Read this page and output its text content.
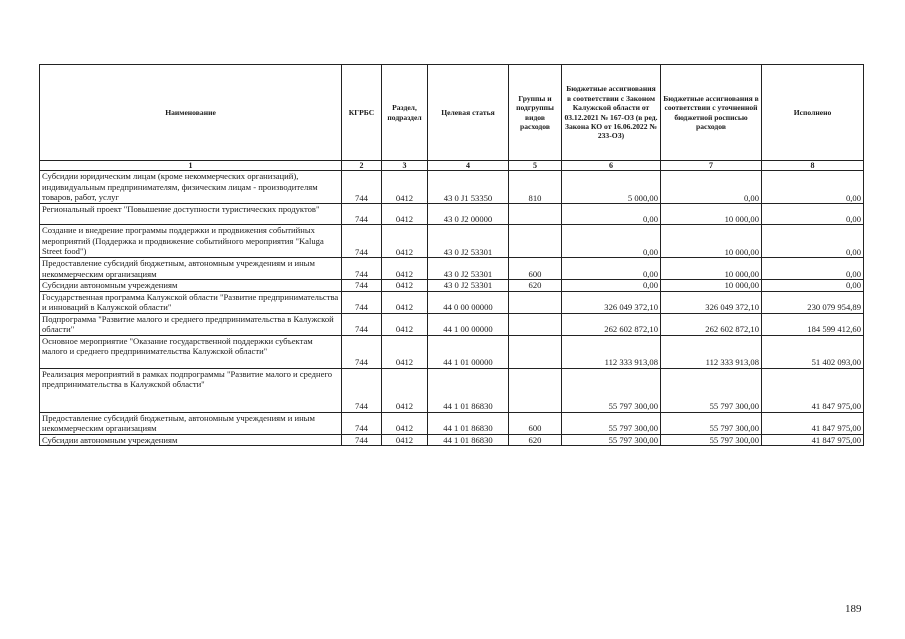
Наименование	КГРБС	Раздел, подраздел	Целевая статья	Группы и подгруппы видов расходов	Бюджетные ассигнования в соответствии с Законом Калужской области от 03.12.2021 № 167-ОЗ (в ред. Закона КО от 16.06.2022 № 233-ОЗ)	Бюджетные ассигнования в соответствии с уточненной бюджетной росписью расходов	Исполнено
1	2	3	4	5	6	7	8
Субсидии юридическим лицам (кроме некоммерческих организаций), индивидуальным предпринимателям, физическим лицам - производителям товаров, работ, услуг	744	0412	43 0 J1 53350	810	5 000,00	0,00	0,00
Региональный проект "Повышение доступности туристических продуктов"	744	0412	43 0 J2 00000		0,00	10 000,00	0,00
Создание и внедрение программы поддержки и продвижения событийных мероприятий (Поддержка и продвижение событийного мероприятия "Kaluga Street food")	744	0412	43 0 J2 53301		0,00	10 000,00	0,00
Предоставление субсидий бюджетным, автономным учреждениям и иным некоммерческим организациям	744	0412	43 0 J2 53301	600	0,00	10 000,00	0,00
Субсидии автономным учреждениям	744	0412	43 0 J2 53301	620	0,00	10 000,00	0,00
Государственная программа Калужской области "Развитие предпринимательства и инноваций в Калужской области"	744	0412	44 0 00 00000		326 049 372,10	326 049 372,10	230 079 954,89
Подпрограмма "Развитие малого и среднего предпринимательства в Калужской области"	744	0412	44 1 00 00000		262 602 872,10	262 602 872,10	184 599 412,60
Основное мероприятие "Оказание государственной поддержки субъектам малого и среднего предпринимательства Калужской области"	744	0412	44 1 01 00000		112 333 913,08	112 333 913,08	51 402 093,00
Реализация мероприятий в рамках подпрограммы "Развитие малого и среднего предпринимательства в Калужской области"	744	0412	44 1 01 86830		55 797 300,00	55 797 300,00	41 847 975,00
Предоставление субсидий бюджетным, автономным учреждениям и иным некоммерческим организациям	744	0412	44 1 01 86830	600	55 797 300,00	55 797 300,00	41 847 975,00
Субсидии автономным учреждениям	744	0412	44 1 01 86830	620	55 797 300,00	55 797 300,00	41 847 975,00
189
